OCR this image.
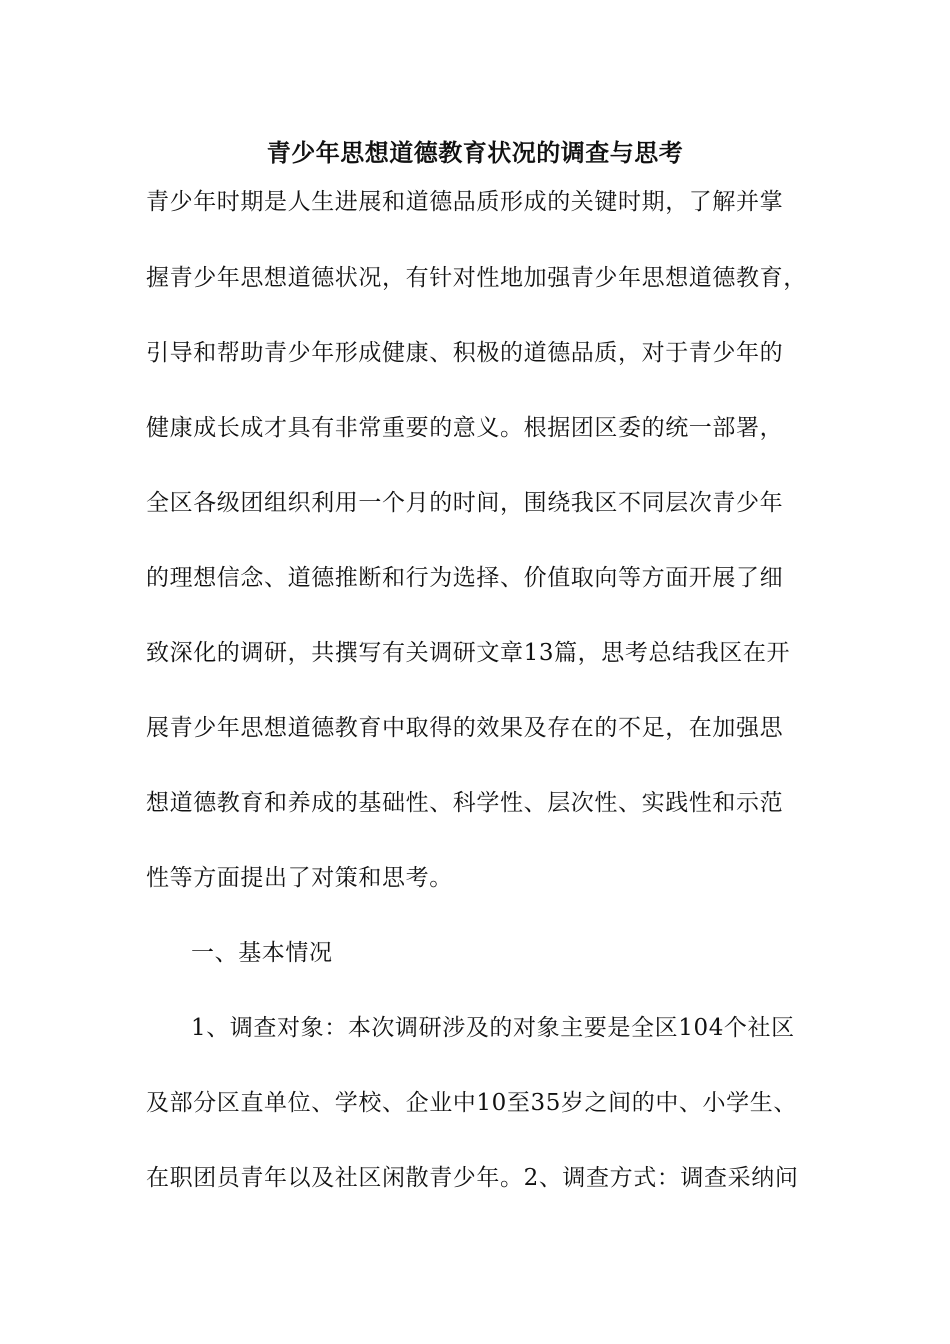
青少年思想道德教育状况的调查与思考
青少年时期是人生进展和道德品质形成的关键时期，了解并掌
握青少年思想道德状况，有针对性地加强青少年思想道德教育，
引导和帮助青少年形成健康、积极的道德品质，对于青少年的
健康成长成才具有非常重要的意义。根据团区委的统一部署，
全区各级团组织利用一个月的时间，围绕我区不同层次青少年
的理想信念、道德推断和行为选择、价值取向等方面开展了细
致深化的调研，共撰写有关调研文章13篇，思考总结我区在开
展青少年思想道德教育中取得的效果及存在的不足，在加强思
想道德教育和养成的基础性、科学性、层次性、实践性和示范
性等方面提出了对策和思考。
一、基本情况
1、调查对象：本次调研涉及的对象主要是全区104个社区
及部分区直单位、学校、企业中10至35岁之间的中、小学生、
在职团员青年以及社区闲散青少年。2、调查方式：调查采纳问
